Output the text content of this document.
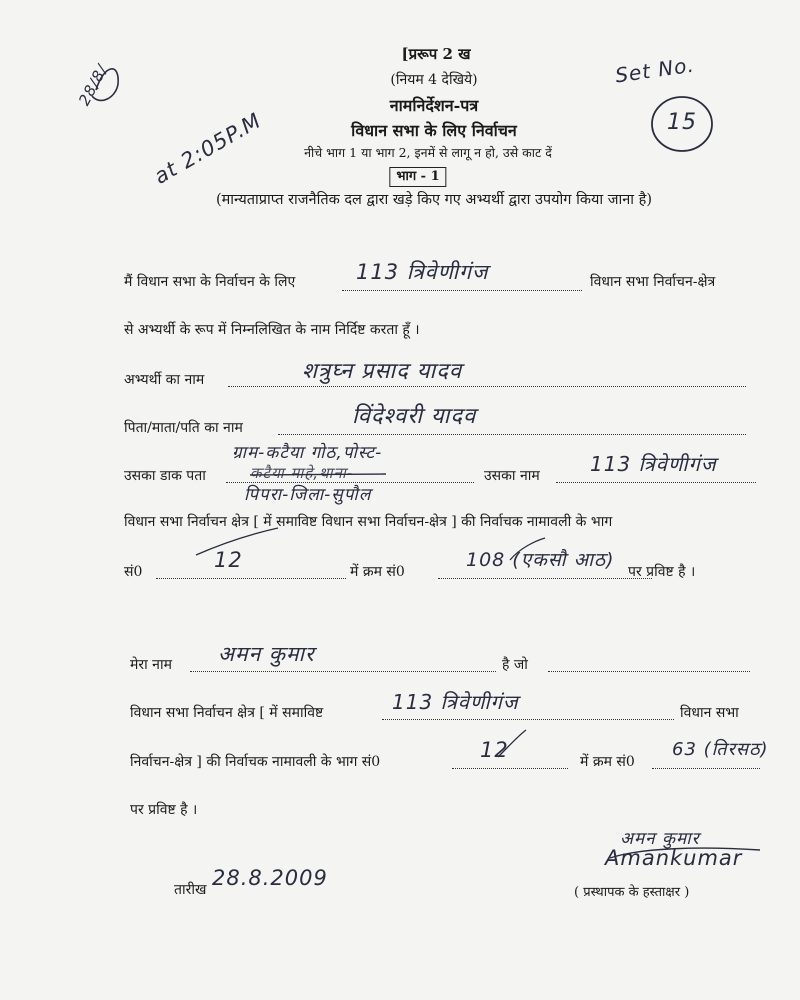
[प्ररूप 2 ख
(नियम 4 देखिये)
नामनिर्देशन-पत्र
विधान सभा के लिए निर्वाचन
नीचे भाग 1 या भाग 2, इनमें से लागू न हो, उसे काट दें
भाग - 1
(मान्यताप्राप्त राजनैतिक दल द्वारा खड़े किए गए अभ्यर्थी द्वारा उपयोग किया जाना है)
28/8/
at 2:05P.M
Set No.
15
मैं विधान सभा के निर्वाचन के लिए	113 त्रिवेणीगंज	विधान सभा निर्वाचन-क्षेत्र
से अभ्यर्थी के रूप में निम्नलिखित के नाम निर्दिष्ट करता हूँ ।
अभ्यर्थी का नाम	शत्रुघ्न प्रसाद यादव
पिता/माता/पति का नाम	विंदेश्वरी यादव
उसका डाक पता
ग्राम-कटैया गोठ,पोस्ट-
कटैया माहे,थाना-
पिपरा-जिला-सुपौल
उसका नाम	113 त्रिवेणीगंज
विधान सभा निर्वाचन क्षेत्र [ में समाविष्ट विधान सभा निर्वाचन-क्षेत्र ] की निर्वाचक नामावली के भाग
सं0	12	में क्रम सं0
108 (एकसौ आठ)
पर प्रविष्ट है ।
मेरा नाम अमन कुमार	है जो
विधान सभा निर्वाचन क्षेत्र [ में समाविष्ट	113 त्रिवेणीगंज	विधान सभा
निर्वाचन-क्षेत्र ] की निर्वाचक नामावली के भाग सं0	12	में क्रम सं0
63 (तिरसठ)
पर प्रविष्ट है ।
तारीख 28.8.2009
अमन कुमार
Amankumar
( प्रस्थापक के हस्ताक्षर )
